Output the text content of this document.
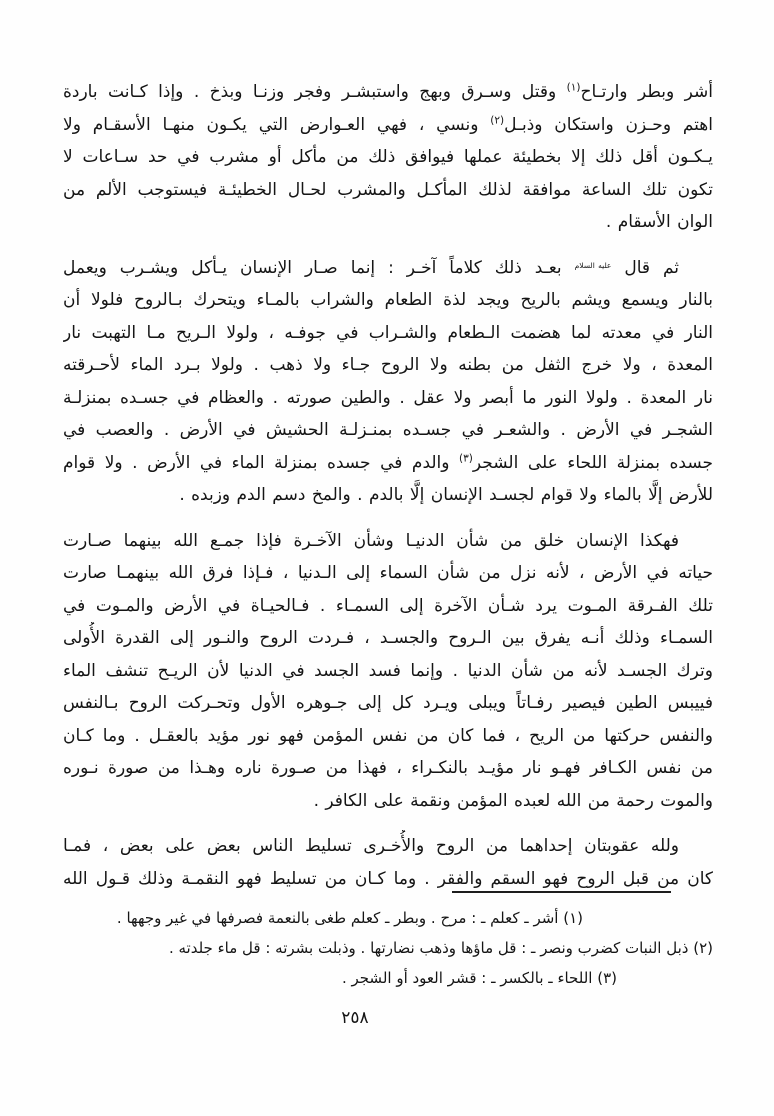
أشر وبطر وارتـاح$^{(١)}$ وقتل وسـرق وبهج واستبشـر وفجر وزنـا وبذخ . وإذا كـانت باردة
اهتم وحـزن واستكان وذبـل$^{(٢)}$ ونسي ، فهي العـوارض التي يكـون منهـا الأسقـام ولا
يـكـون أقل ذلك إلا بخطيئة عملها فيوافق ذلك من مأكل أو مشرب في حد سـاعات لا
تكون تلك الساعة موافقة لذلك المأكـل والمشرب لحـال الخطيئـة فيستوجب الألم من
الوان الأسقام .
ثم قال عليه السلام بعـد ذلك كلاماً آخـر : إنما صـار الإنسان يـأكل ويشـرب ويعمل
بالنار ويسمع ويشم بالريح ويجد لذة الطعام والشراب بالمـاء ويتحرك بـالروح فلولا أن
النار في معدته لما هضمت الـطعام والشـراب في جوفـه ، ولولا الـريح مـا التهبت نار
المعدة ، ولا خرج الثفل من بطنه ولا الروح جـاء ولا ذهب . ولولا بـرد الماء لأحـرقته
نار المعدة . ولولا النور ما أبصر ولا عقل . والطين صورته . والعظام في جسـده بمنزلـة
الشجـر في الأرض . والشعـر في جسـده بمنـزلـة الحشيش في الأرض . والعصب في
جسده بمنزلة اللحاء على الشجر$^{(٣)}$ والدم في جسده بمنزلة الماء في الأرض . ولا قوام
للأرض إلَّا بالماء ولا قوام لجسـد الإنسان إلَّا بالدم . والمخ دسم الدم وزبده .
فهكذا الإنسان خلق من شأن الدنيـا وشأن الآخـرة فإذا جمـع الله بينهما صـارت
حياته في الأرض ، لأنه نزل من شأن السماء إلى الـدنيا ، فـإذا فرق الله بينهمـا صارت
تلك الفـرقة المـوت يرد شـأن الآخرة إلى السمـاء . فـالحيـاة في الأرض والمـوت في
السمـاء وذلك أنـه يفرق بين الـروح والجسـد ، فـردت الروح والنـور إلى القدرة الأُولى
وترك الجسـد لأنه من شأن الدنيا . وإنما فسد الجسد في الدنيا لأن الريـح تنشف الماء
فييبس الطين فيصير رفـاتاً ويبلى ويـرد كل إلى جـوهره الأول وتحـركت الروح بـالنفس
والنفس حركتها من الريح ، فما كان من نفس المؤمن فهو نور مؤيد بالعقـل . وما كـان
من نفس الكـافر فهـو نار مؤيـد بالنكـراء ، فهذا من صـورة ناره وهـذا من صورة نـوره
والموت رحمة من الله لعبده المؤمن ونقمة على الكافر .
ولله عقوبتان إحداهما من الروح والأُخـرى تسليط الناس بعض على بعض ، فمـا
كان من قبل الروح فهو السقم والفقر . وما كـان من تسليط فهو النقمـة وذلك قـول الله
(١) أشر ـ كعلم ـ : مرح . وبطر ـ كعلم طغى بالنعمة فصرفها في غير وجهها .
(٢) ذبل النبات كضرب ونصر ـ : قل ماؤها وذهب نضارتها . وذبلت بشرته : قل ماء جلدته .
(٣) اللحاء ـ بالكسر ـ : قشر العود أو الشجر .
٢٥٨
